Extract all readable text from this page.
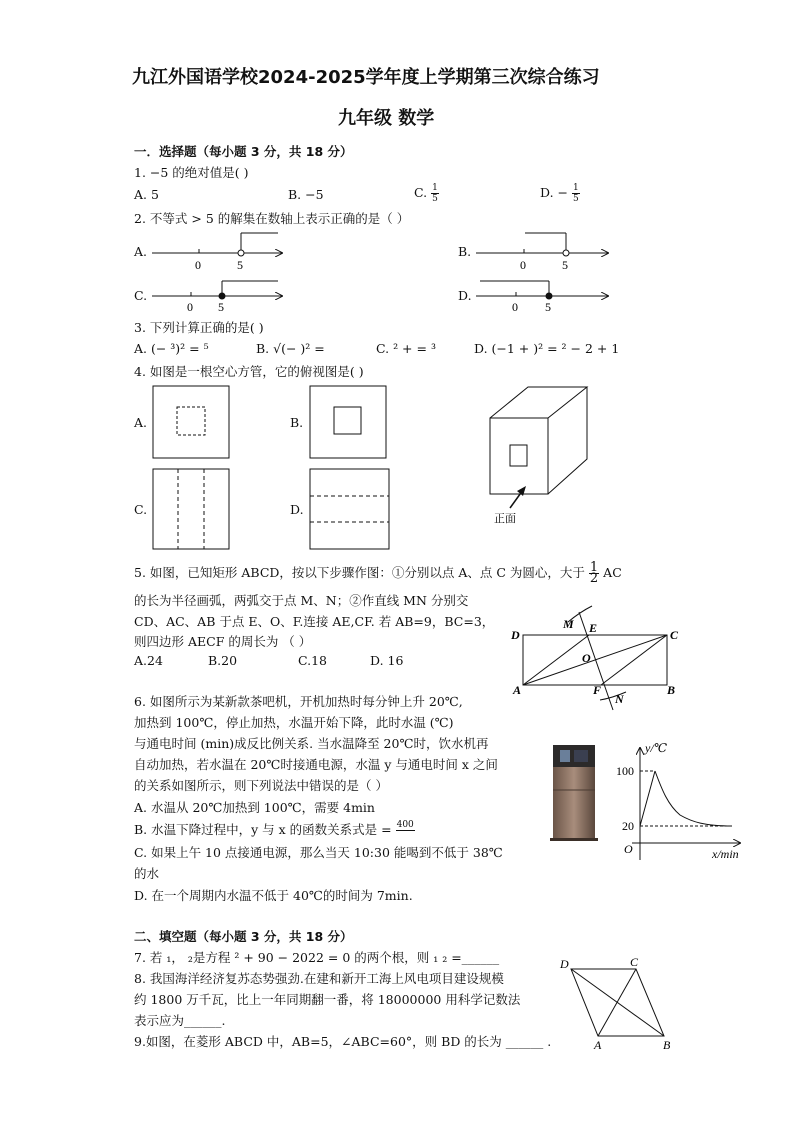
九江外国语学校2024-2025学年度上学期第三次综合练习
九年级 数学
一．选择题（每小题 3 分，共 18 分）
1. −5 的绝对值是( )
A. 5	B. −5	C. $\frac{1}{5}$	D. − $\frac{1}{5}$
2. 不等式 > 5 的解集在数轴上表示正确的是（ ）
A.	B.
C.	D.
0	5	0	5
0 5	0 5
3. 下列计算正确的是( )
A. (− ³)² = ⁵	B. √(− )² =	C. ² + = ³	D. (−1 + )² = ² − 2 + 1
4. 如图是一根空心方管，它的俯视图是( )
A.	B.
C.	D.
正面
5. 如图，已知矩形 ABCD，按以下步骤作图：①分别以点 A、点 C 为圆心，大于 $\frac{1}{2}$ AC
的长为半径画弧，两弧交于点 M、N；②作直线 MN 分别交
CD、AC、AB 于点 E、O、F.连接 AE,CF. 若 AB=9，BC=3，
则四边形 AECF 的周长为 （ ）
A.24	B.20	C.18	D. 16
D	C
A	B
M E
O
F
N
6. 如图所示为某新款茶吧机，开机加热时每分钟上升 20℃,
加热到 100℃，停止加热，水温开始下降，此时水温 (℃)
与通电时间 (min)成反比例关系. 当水温降至 20℃时，饮水机再
自动加热，若水温在 20℃时接通电源，水温 y 与通电时间 x 之间
的关系如图所示，则下列说法中错误的是（ ）
A. 水温从 20℃加热到 100℃，需要 4min
B. 水温下降过程中，y 与 x 的函数关系式是 = 400

C. 如果上午 10 点接通电源，那么当天 10:30 能喝到不低于 38℃
的水
D. 在一个周期内水温不低于 40℃的时间为 7min.
y/℃
x/min
100
20
O
二、填空题（每小题 3 分，共 18 分）
7. 若 ₁， ₂是方程 ² + 90 − 2022 = 0 的两个根，则 ₁ ₂ =______
8. 我国海洋经济复苏态势强劲.在建和新开工海上风电项目建设规模
约 1800 万千瓦，比上一年同期翻一番，将 18000000 用科学记数法
表示应为______.
9.如图，在菱形 ABCD 中，AB=5，∠ABC=60°，则 BD 的长为 ______ .
D	C
A	B
